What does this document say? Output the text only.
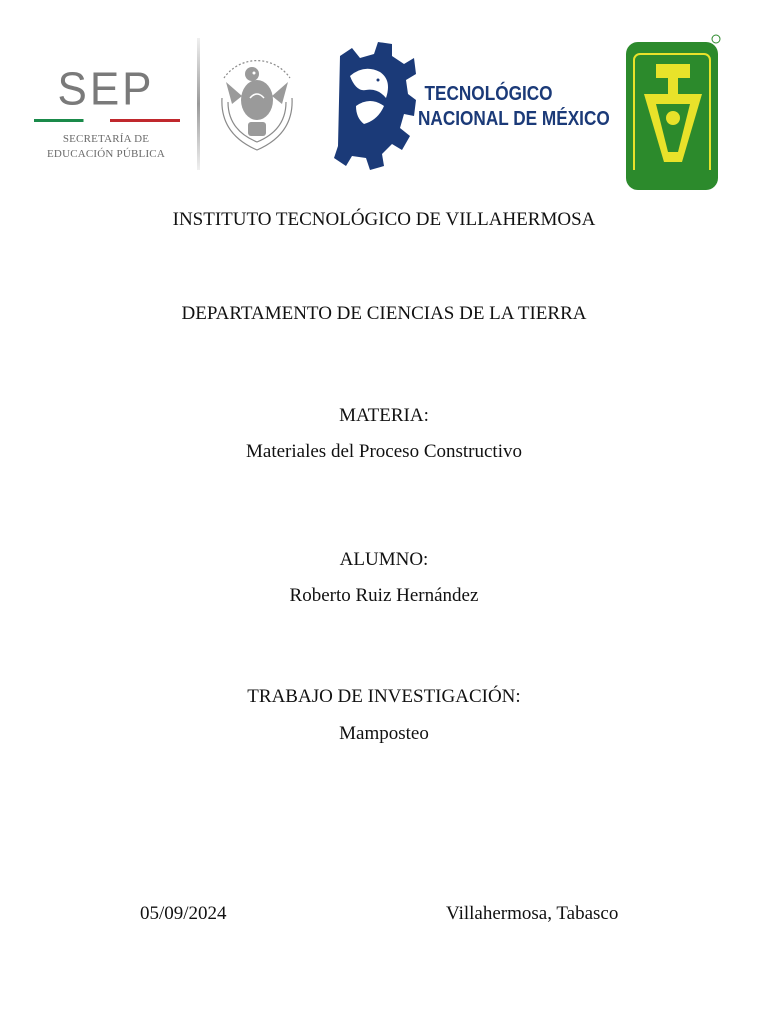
SEP
SECRETARÍA DE
EDUCACIÓN PÚBLICA
TECNOLÓGICO
NACIONAL DE MÉXICO
INSTITUTO TECNOLÓGICO DE VILLAHERMOSA
DEPARTAMENTO DE CIENCIAS DE LA TIERRA
MATERIA:
Materiales del Proceso Constructivo
ALUMNO:
Roberto Ruiz Hernández
TRABAJO DE INVESTIGACIÓN:
Mamposteo
05/09/2024	Villahermosa, Tabasco
